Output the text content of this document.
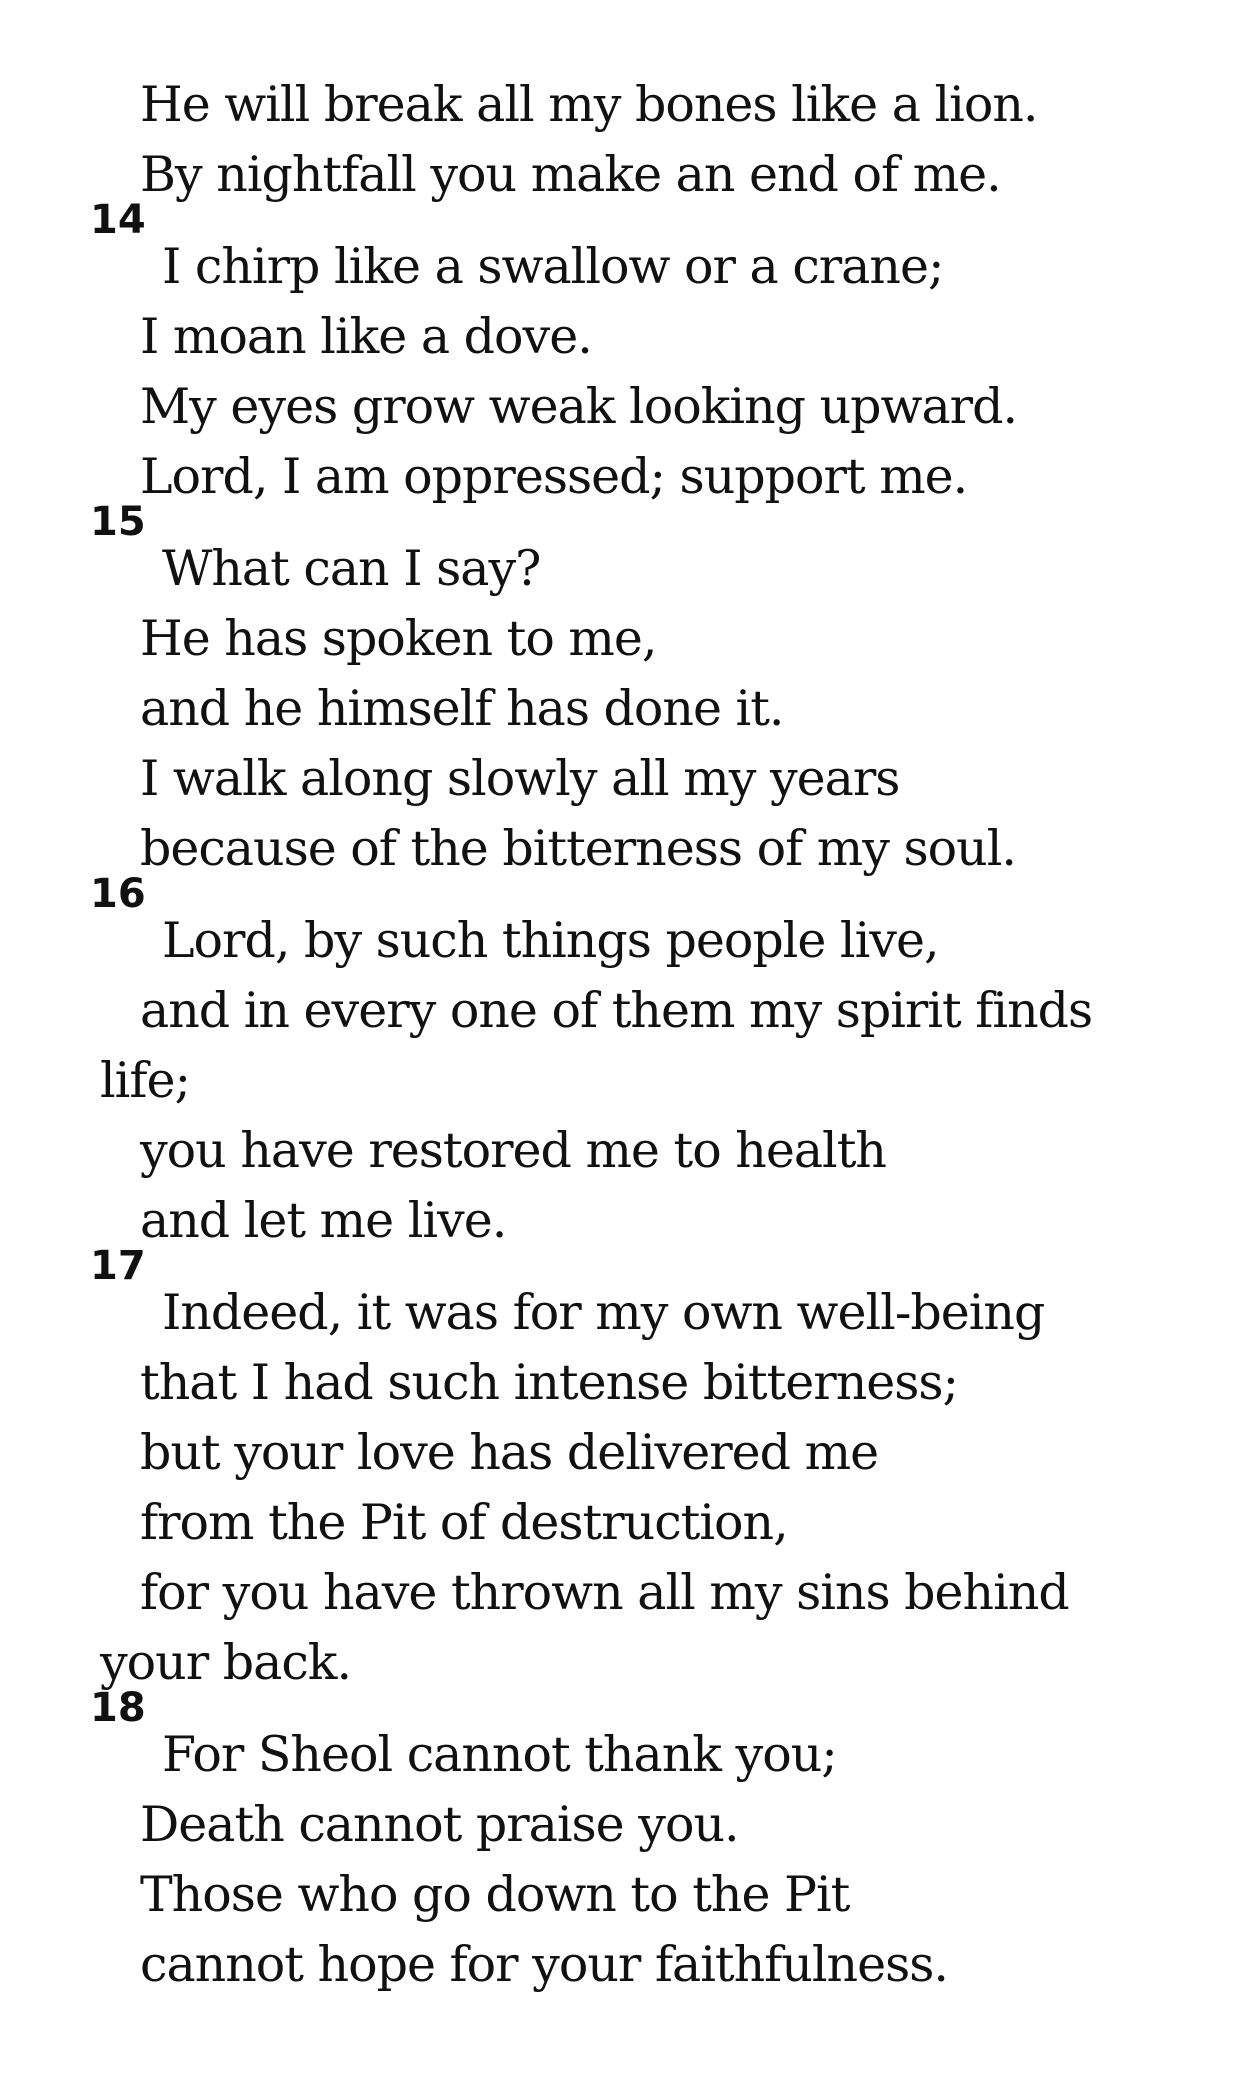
He will break all my bones like a lion.
By nightfall you make an end of me.
14
I chirp like a swallow or a crane;
I moan like a dove.
My eyes grow weak looking upward.
Lord, I am oppressed; support me.
15
What can I say?
He has spoken to me,
and he himself has done it.
I walk along slowly all my years
because of the bitterness of my soul.
16
Lord, by such things people live,
and in every one of them my spirit finds
life;
you have restored me to health
and let me live.
17
Indeed, it was for my own well-being
that I had such intense bitterness;
but your love has delivered me
from the Pit of destruction,
for you have thrown all my sins behind
your back.
18
For Sheol cannot thank you;
Death cannot praise you.
Those who go down to the Pit
cannot hope for your faithfulness.
